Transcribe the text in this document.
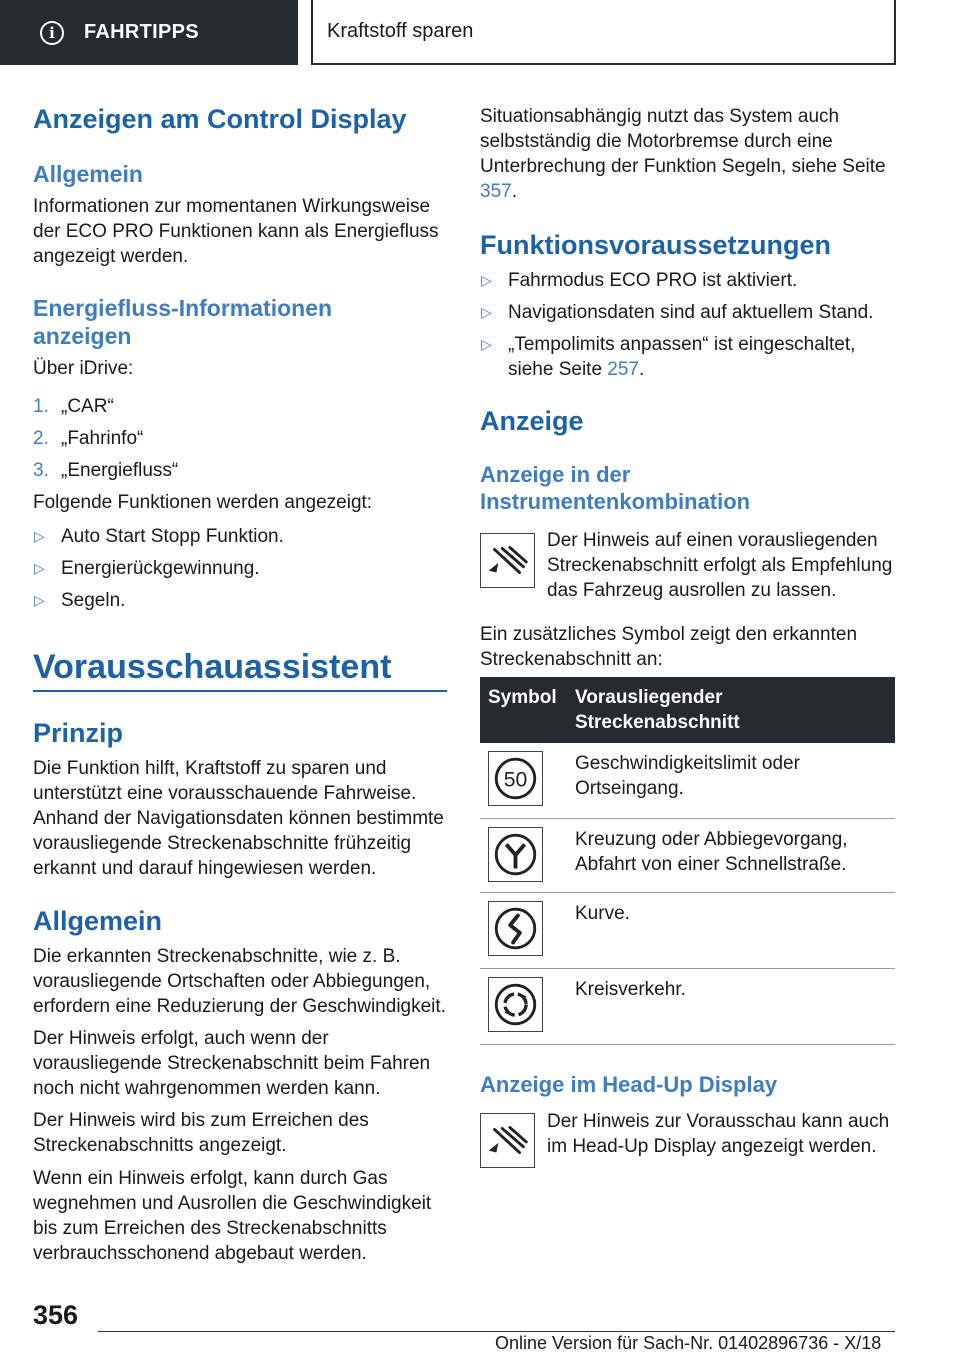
i	FAHRTIPPS	Kraftstoff sparen
Anzeigen am Control Display
Allgemein
Informationen zur momentanen Wirkungsweise der ECO PRO Funktionen kann als Energiefluss angezeigt werden.
Energiefluss-Informationen anzeigen
Über iDrive:
1. „CAR“
2. „Fahrinfo“
3. „Energiefluss“
Folgende Funktionen werden angezeigt:
▷ Auto Start Stopp Funktion.
▷ Energierückgewinnung.
▷ Segeln.
Vorausschauassistent
Prinzip
Die Funktion hilft, Kraftstoff zu sparen und unterstützt eine vorausschauende Fahrweise. Anhand der Navigationsdaten können bestimmte vorausliegende Streckenabschnitte frühzeitig erkannt und darauf hingewiesen werden.
Allgemein
Die erkannten Streckenabschnitte, wie z. B. vorausliegende Ortschaften oder Abbiegungen, erfordern eine Reduzierung der Geschwindigkeit.
Der Hinweis erfolgt, auch wenn der vorausliegende Streckenabschnitt beim Fahren noch nicht wahrgenommen werden kann.
Der Hinweis wird bis zum Erreichen des Streckenabschnitts angezeigt.
Wenn ein Hinweis erfolgt, kann durch Gas wegnehmen und Ausrollen die Geschwindigkeit bis zum Erreichen des Streckenabschnitts verbrauchsschonend abgebaut werden.
Situationsabhängig nutzt das System auch selbstständig die Motorbremse durch eine Unterbrechung der Funktion Segeln, siehe Seite 357.
Funktionsvoraussetzungen
▷ Fahrmodus ECO PRO ist aktiviert.
▷ Navigationsdaten sind auf aktuellem Stand.
▷ „Tempolimits anpassen“ ist eingeschaltet, siehe Seite 257.
Anzeige
Anzeige in der Instrumentenkombination
Der Hinweis auf einen vorausliegenden Streckenabschnitt erfolgt als Empfehlung das Fahrzeug ausrollen zu lassen.
Ein zusätzliches Symbol zeigt den erkannten Streckenabschnitt an:
Symbol Vorausliegender Streckenabschnitt
50
Geschwindigkeitslimit oder Ortseingang.
Kreuzung oder Abbiegevorgang, Abfahrt von einer Schnellstraße.
Kurve.
Kreisverkehr.
Anzeige im Head-Up Display
Der Hinweis zur Vorausschau kann auch im Head-Up Display angezeigt werden.
356
Online Version für Sach-Nr. 01402896736 - X/18
